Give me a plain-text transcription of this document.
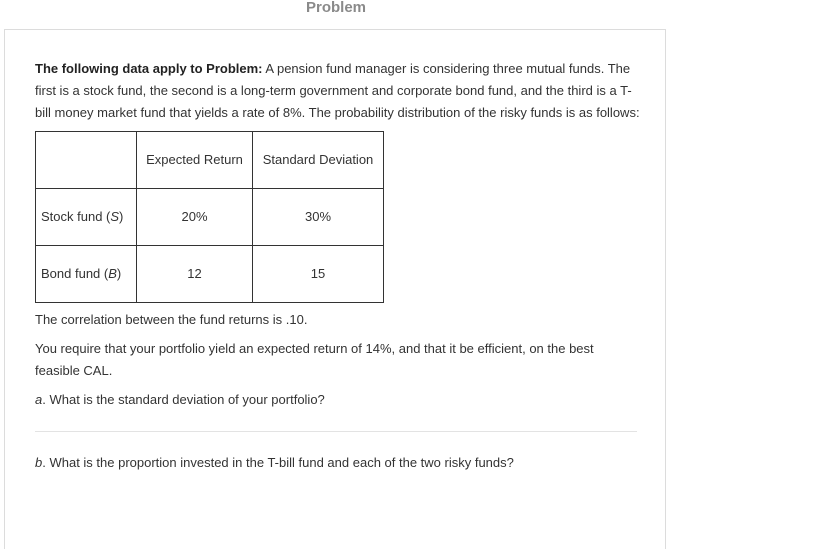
Problem

The following data apply to Problem: A pension fund manager is considering three mutual funds. The first is a stock fund, the second is a long-term government and corporate bond fund, and the third is a T-bill money market fund that yields a rate of 8%. The probability distribution of the risky funds is as follows:

	Expected Return	Standard Deviation
Stock fund (S)	20%	30%
Bond fund (B)	12	15

The correlation between the fund returns is .10.

You require that your portfolio yield an expected return of 14%, and that it be efficient, on the best feasible CAL.

a. What is the standard deviation of your portfolio?

b. What is the proportion invested in the T-bill fund and each of the two risky funds?
